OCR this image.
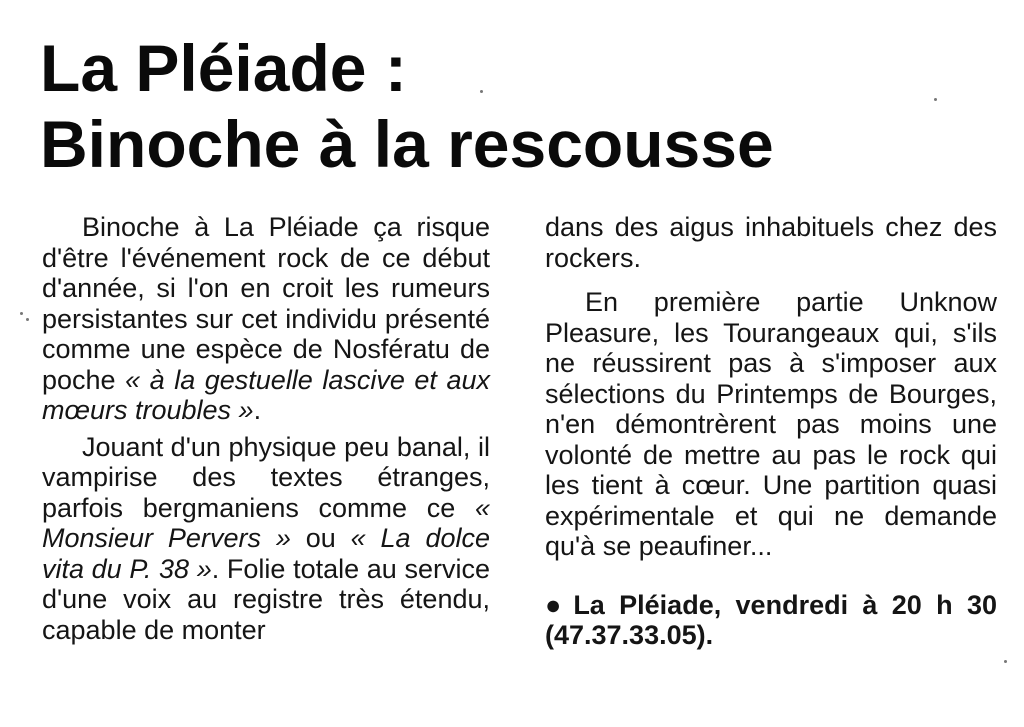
La Pléiade :
Binoche à la rescousse

Binoche à La Pléiade ça risque d'être l'événement rock de ce début d'année, si l'on en croit les rumeurs persistantes sur cet individu présenté comme une espèce de Nosfératu de poche « à la gestuelle lascive et aux mœurs troubles ».

Jouant d'un physique peu banal, il vampirise des textes étranges, parfois bergmaniens comme ce « Monsieur Pervers » ou « La dolce vita du P. 38 ». Folie totale au service d'une voix au registre très étendu, capable de monter

dans des aigus inhabituels chez des rockers.

En première partie Unknow Pleasure, les Tourangeaux qui, s'ils ne réussirent pas à s'imposer aux sélections du Printemps de Bourges, n'en démontrèrent pas moins une volonté de mettre au pas le rock qui les tient à cœur. Une partition quasi expérimentale et qui ne demande qu'à se peaufiner...

● La Pléiade, vendredi à 20 h 30 (47.37.33.05).
